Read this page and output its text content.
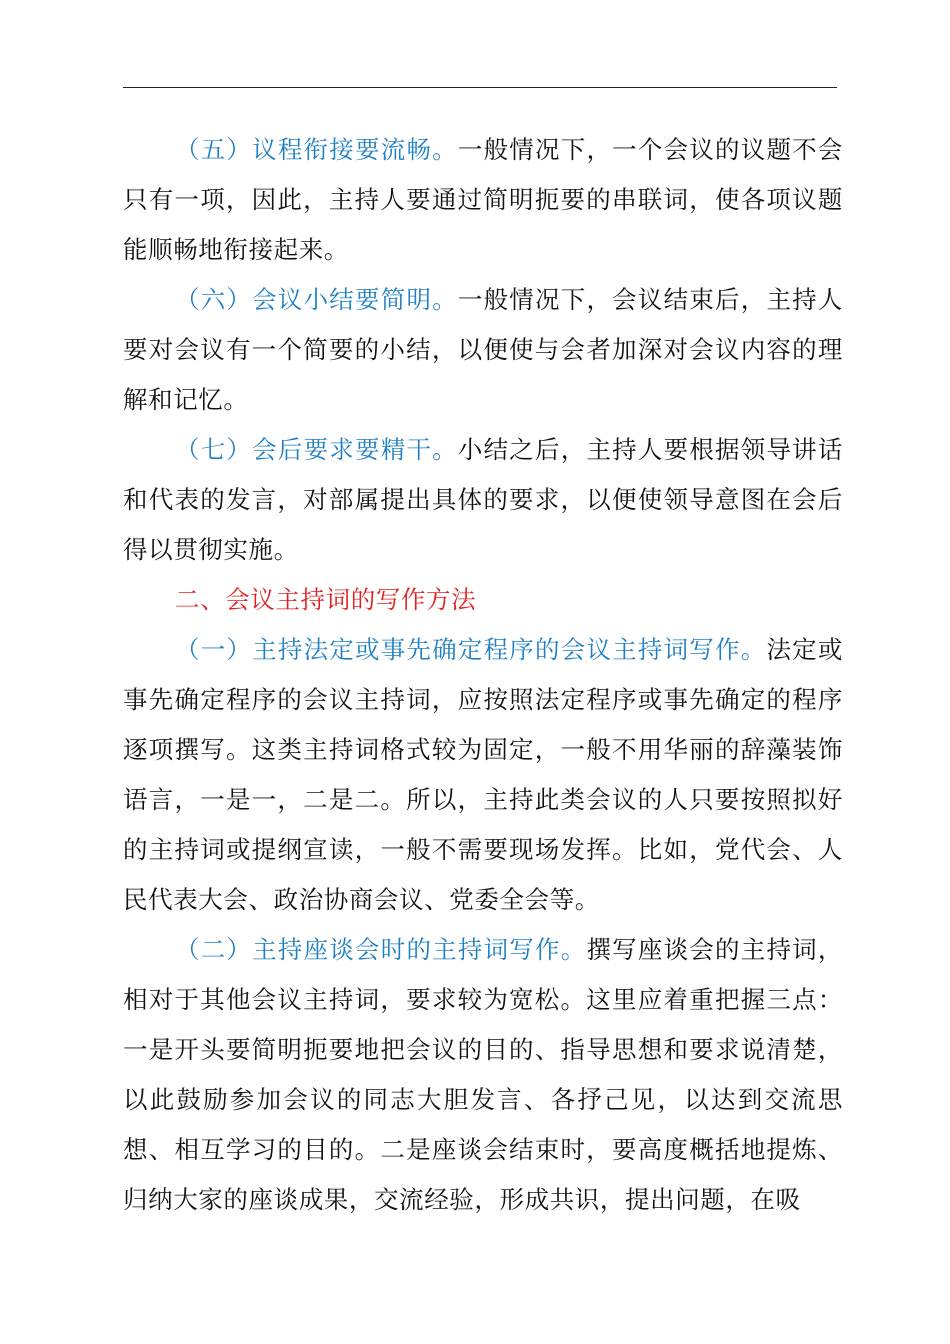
（五）议程衔接要流畅。一般情况下，一个会议的议题不会只有一项，因此，主持人要通过简明扼要的串联词，使各项议题能顺畅地衔接起来。

（六）会议小结要简明。一般情况下，会议结束后，主持人要对会议有一个简要的小结，以便使与会者加深对会议内容的理解和记忆。

（七）会后要求要精干。小结之后，主持人要根据领导讲话和代表的发言，对部属提出具体的要求，以便使领导意图在会后得以贯彻实施。

二、会议主持词的写作方法

（一）主持法定或事先确定程序的会议主持词写作。法定或事先确定程序的会议主持词，应按照法定程序或事先确定的程序逐项撰写。这类主持词格式较为固定，一般不用华丽的辞藻装饰语言，一是一，二是二。所以，主持此类会议的人只要按照拟好的主持词或提纲宣读，一般不需要现场发挥。比如，党代会、人民代表大会、政治协商会议、党委全会等。

（二）主持座谈会时的主持词写作。撰写座谈会的主持词，相对于其他会议主持词，要求较为宽松。这里应着重把握三点：一是开头要简明扼要地把会议的目的、指导思想和要求说清楚，以此鼓励参加会议的同志大胆发言、各抒己见，以达到交流思想、相互学习的目的。二是座谈会结束时，要高度概括地提炼、归纳大家的座谈成果，交流经验，形成共识，提出问题，在吸
